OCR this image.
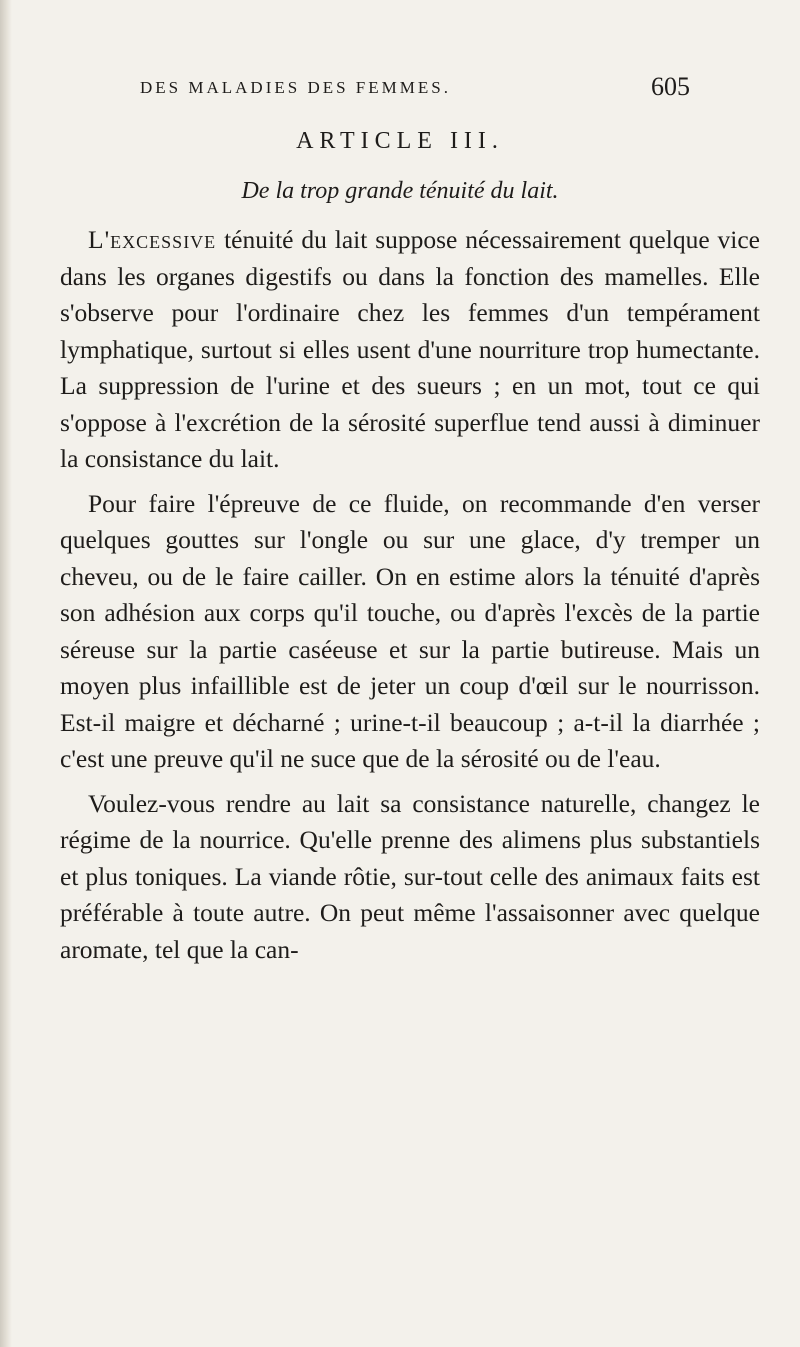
DES MALADIES DES FEMMES.	605
ARTICLE III.
De la trop grande ténuité du lait.

L'excessive ténuité du lait suppose nécessairement quelque vice dans les organes digestifs ou dans la fonction des mamelles. Elle s'observe pour l'ordinaire chez les femmes d'un tempérament lymphatique, surtout si elles usent d'une nourriture trop humectante. La suppression de l'urine et des sueurs ; en un mot, tout ce qui s'oppose à l'excrétion de la sérosité superflue tend aussi à diminuer la consistance du lait.

Pour faire l'épreuve de ce fluide, on recommande d'en verser quelques gouttes sur l'ongle ou sur une glace, d'y tremper un cheveu, ou de le faire cailler. On en estime alors la ténuité d'après son adhésion aux corps qu'il touche, ou d'après l'excès de la partie séreuse sur la partie caséeuse et sur la partie butireuse. Mais un moyen plus infaillible est de jeter un coup d'œil sur le nourrisson. Est-il maigre et décharné ; urine-t-il beaucoup ; a-t-il la diarrhée ; c'est une preuve qu'il ne suce que de la sérosité ou de l'eau.

Voulez-vous rendre au lait sa consistance naturelle, changez le régime de la nourrice. Qu'elle prenne des alimens plus substantiels et plus toniques. La viande rôtie, sur-tout celle des animaux faits est préférable à toute autre. On peut même l'assaisonner avec quelque aromate, tel que la can-
